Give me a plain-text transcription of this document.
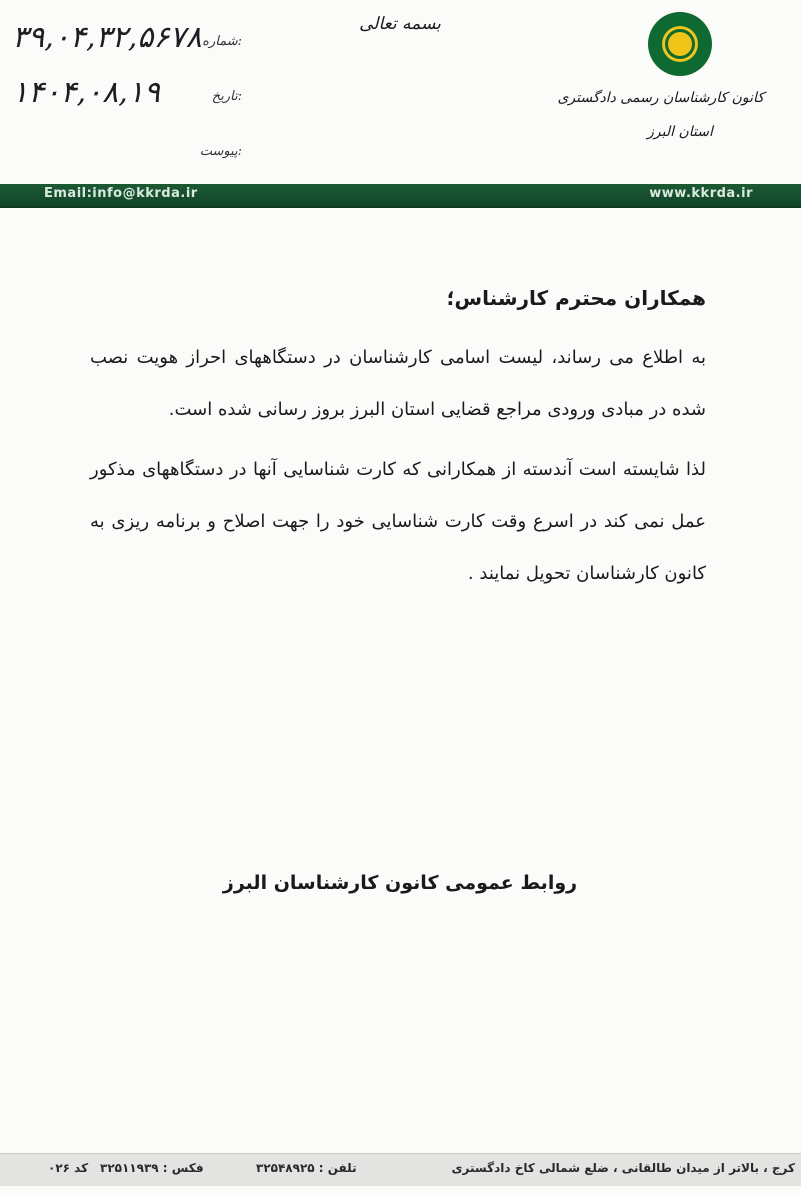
بسمه تعالی
شماره:
۳۹,۰۴,۳۲,۵۶۷۸
تاریخ:
۱۴۰۴,۰۸,۱۹
پیوست:
کانون کارشناسان رسمی دادگستری
استان البرز
Email:info@kkrda.ir	www.kkrda.ir
همکاران محترم کارشناس؛

به اطلاع می رساند، لیست اسامی کارشناسان در دستگاههای احراز هویت نصب شده در مبادی ورودی مراجع قضایی استان البرز بروز رسانی شده است.

لذا شایسته است آندسته از همکارانی که کارت شناسایی آنها در دستگاههای مذکور عمل نمی کند در اسرع وقت کارت شناسایی خود را جهت اصلاح و برنامه ریزی به کانون کارشناسان تحویل نمایند .

روابط عمومی کانون کارشناسان البرز
کرج ، بالاتر از میدان طالقانی ، ضلع شمالی کاخ دادگستری
تلفن : ۳۲۵۴۸۹۲۵
فکس : ۳۲۵۱۱۹۳۹
کد ۰۲۶
